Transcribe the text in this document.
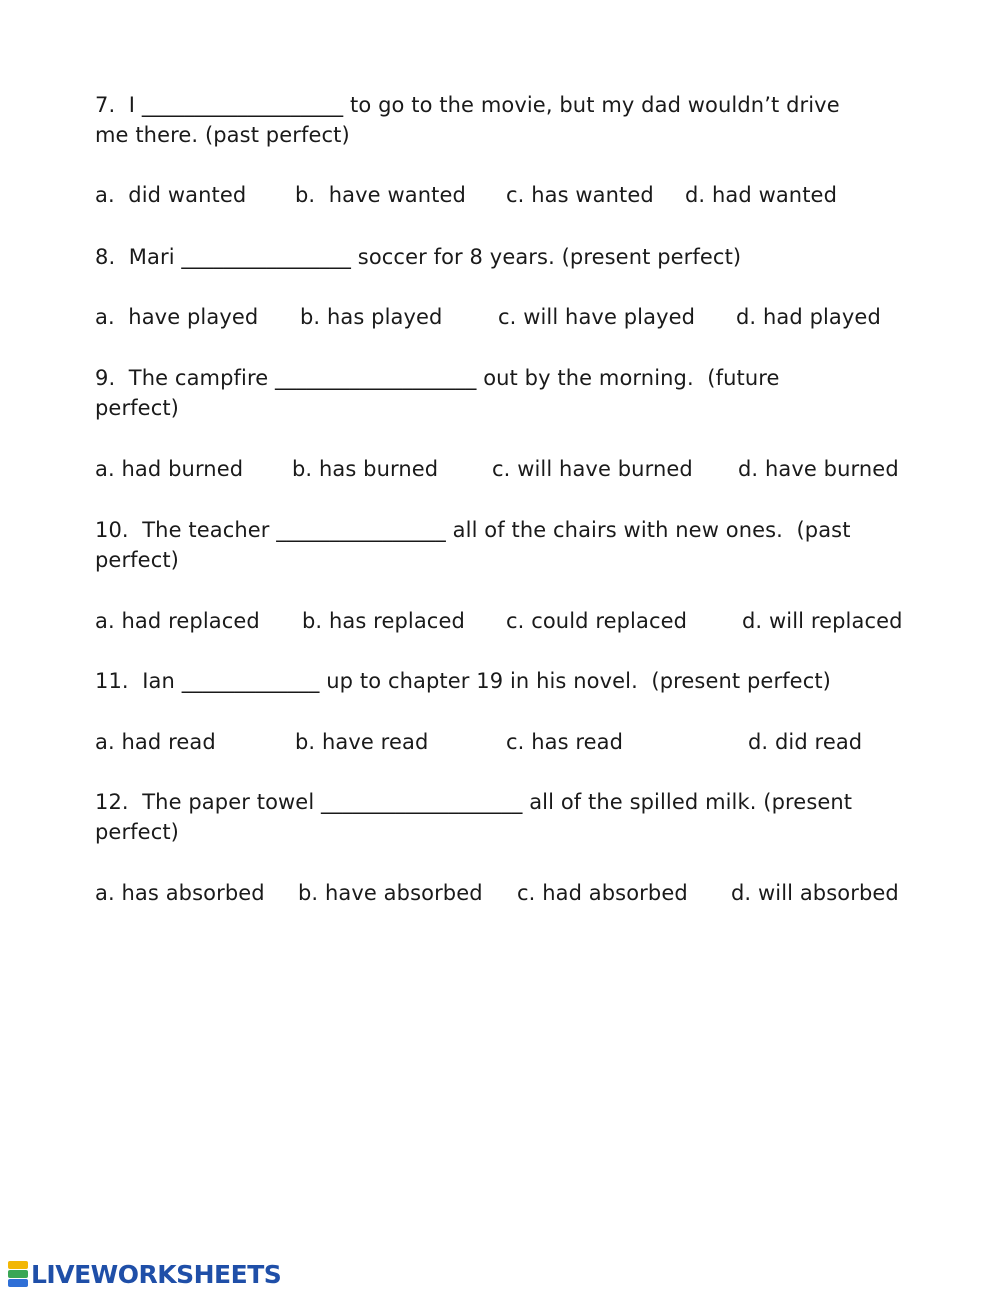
7.  I ___________________ to go to the movie, but my dad wouldn’t drive
me there. (past perfect)
a.  did wanted b.  have wanted c. has wanted d. had wanted
8.  Mari ________________ soccer for 8 years. (present perfect)
a.  have played b. has played	c. will have played d. had played
9.  The campfire ___________________ out by the morning.  (future
perfect)
a. had burned b. has burned	c. will have burned d. have burned
10.  The teacher ________________ all of the chairs with new ones.  (past
perfect)
a. had replaced b. has replaced c. could replaced	d. will replaced
11.  Ian _____________ up to chapter 19 in his novel.  (present perfect)
a. had read	b. have read	c. has read	d. did read
12.  The paper towel ___________________ all of the spilled milk. (present
perfect)
a. has absorbed b. have absorbed c. had absorbed d. will absorbed
LIVEWORKSHEETS
